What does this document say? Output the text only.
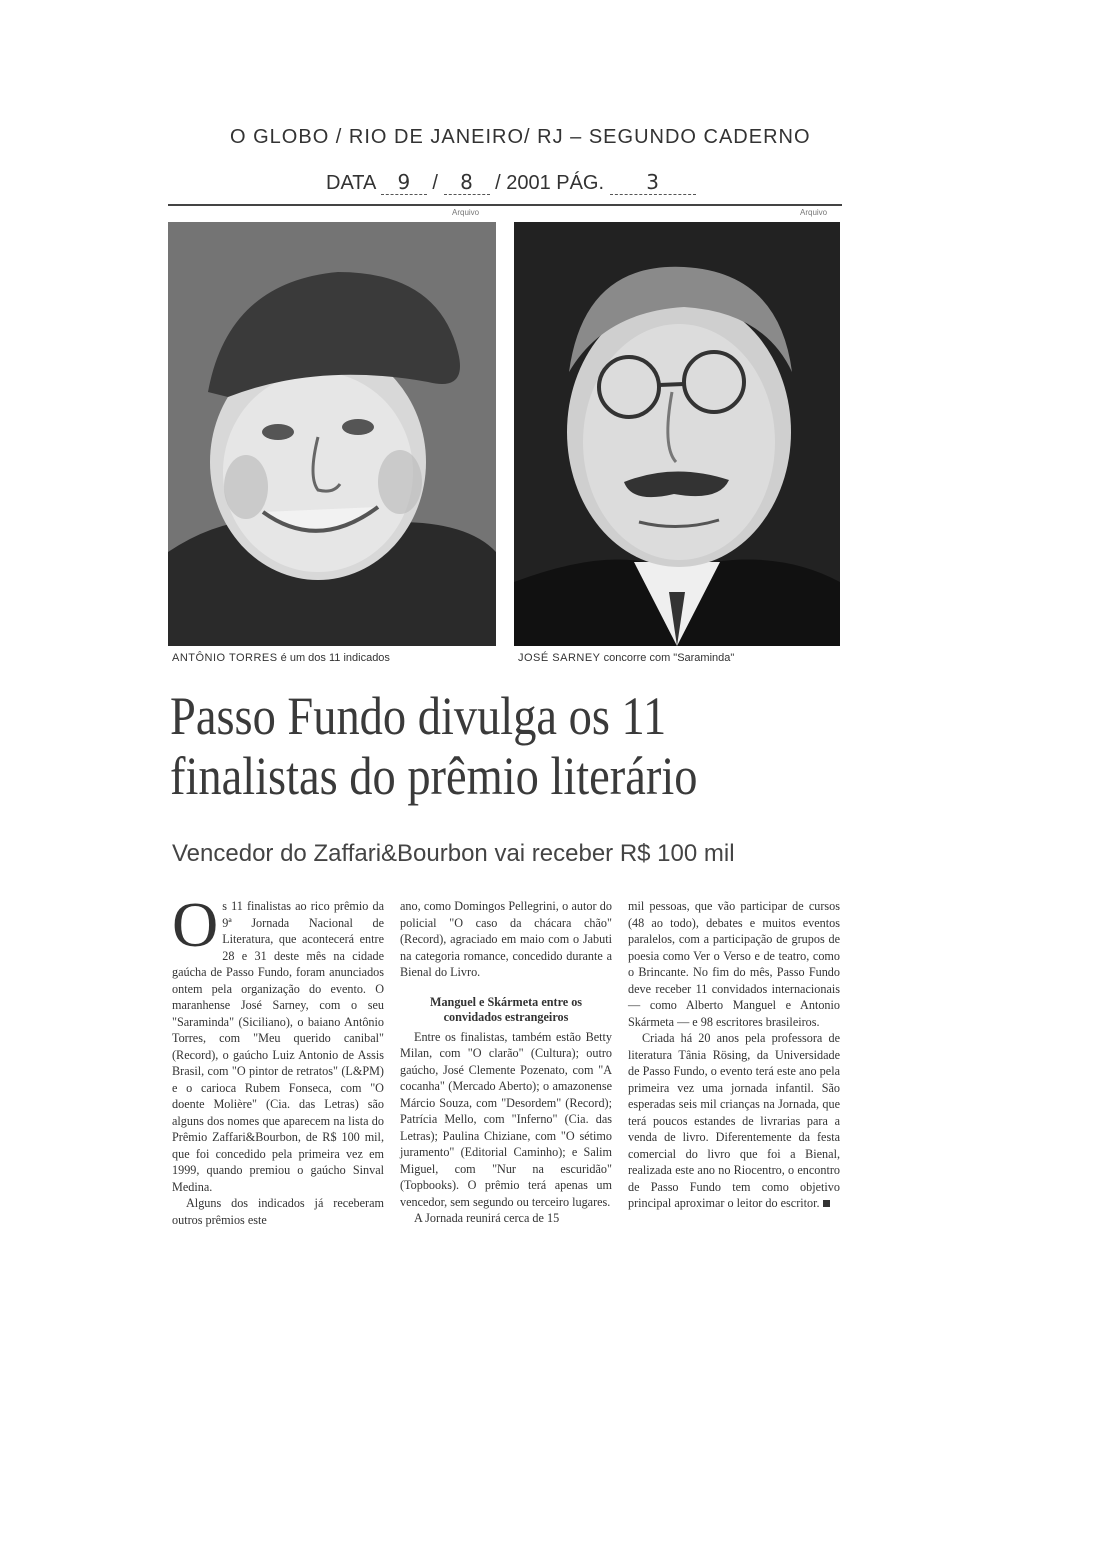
O GLOBO / RIO DE JANEIRO/ RJ – SEGUNDO CADERNO
DATA 9 / 8 / 2001 PÁG. 3
Arquivo	Arquivo
ANTÔNIO TORRES é um dos 11 indicados	JOSÉ SARNEY concorre com "Saraminda"
Passo Fundo divulga os 11
finalistas do prêmio literário
Vencedor do Zaffari&Bourbon vai receber R$ 100 mil

Os 11 finalistas ao rico prêmio da 9ª Jornada Nacional de Literatura, que acontecerá entre 28 e 31 deste mês na cidade gaúcha de Passo Fundo, foram anunciados ontem pela organização do evento. O maranhense José Sarney, com o seu "Saraminda" (Siciliano), o baiano Antônio Torres, com "Meu querido canibal" (Record), o gaúcho Luiz Antonio de Assis Brasil, com "O pintor de retratos" (L&PM) e o carioca Rubem Fonseca, com "O doente Molière" (Cia. das Letras) são alguns dos nomes que aparecem na lista do Prêmio Zaffari&Bourbon, de R$ 100 mil, que foi concedido pela primeira vez em 1999, quando premiou o gaúcho Sinval Medina.

Alguns dos indicados já receberam outros prêmios este

ano, como Domingos Pellegrini, o autor do policial "O caso da chácara chão" (Record), agraciado em maio com o Jabuti na categoria romance, concedido durante a Bienal do Livro.

Manguel e Skármeta entre os convidados estrangeiros

Entre os finalistas, também estão Betty Milan, com "O clarão" (Cultura); outro gaúcho, José Clemente Pozenato, com "A cocanha" (Mercado Aberto); o amazonense Márcio Souza, com "Desordem" (Record); Patrícia Mello, com "Inferno" (Cia. das Letras); Paulina Chiziane, com "O sétimo juramento" (Editorial Caminho); e Salim Miguel, com "Nur na escuridão" (Topbooks). O prêmio terá apenas um vencedor, sem segundo ou terceiro lugares.

A Jornada reunirá cerca de 15

mil pessoas, que vão participar de cursos (48 ao todo), debates e muitos eventos paralelos, com a participação de grupos de poesia como Ver o Verso e de teatro, como o Brincante. No fim do mês, Passo Fundo deve receber 11 convidados internacionais — como Alberto Manguel e Antonio Skármeta — e 98 escritores brasileiros.

Criada há 20 anos pela professora de literatura Tânia Rösing, da Universidade de Passo Fundo, o evento terá este ano pela primeira vez uma jornada infantil. São esperadas seis mil crianças na Jornada, que terá poucos estandes de livrarias para a venda de livro. Diferentemente da festa comercial do livro que foi a Bienal, realizada este ano no Riocentro, o encontro de Passo Fundo tem como objetivo principal aproximar o leitor do escritor.
